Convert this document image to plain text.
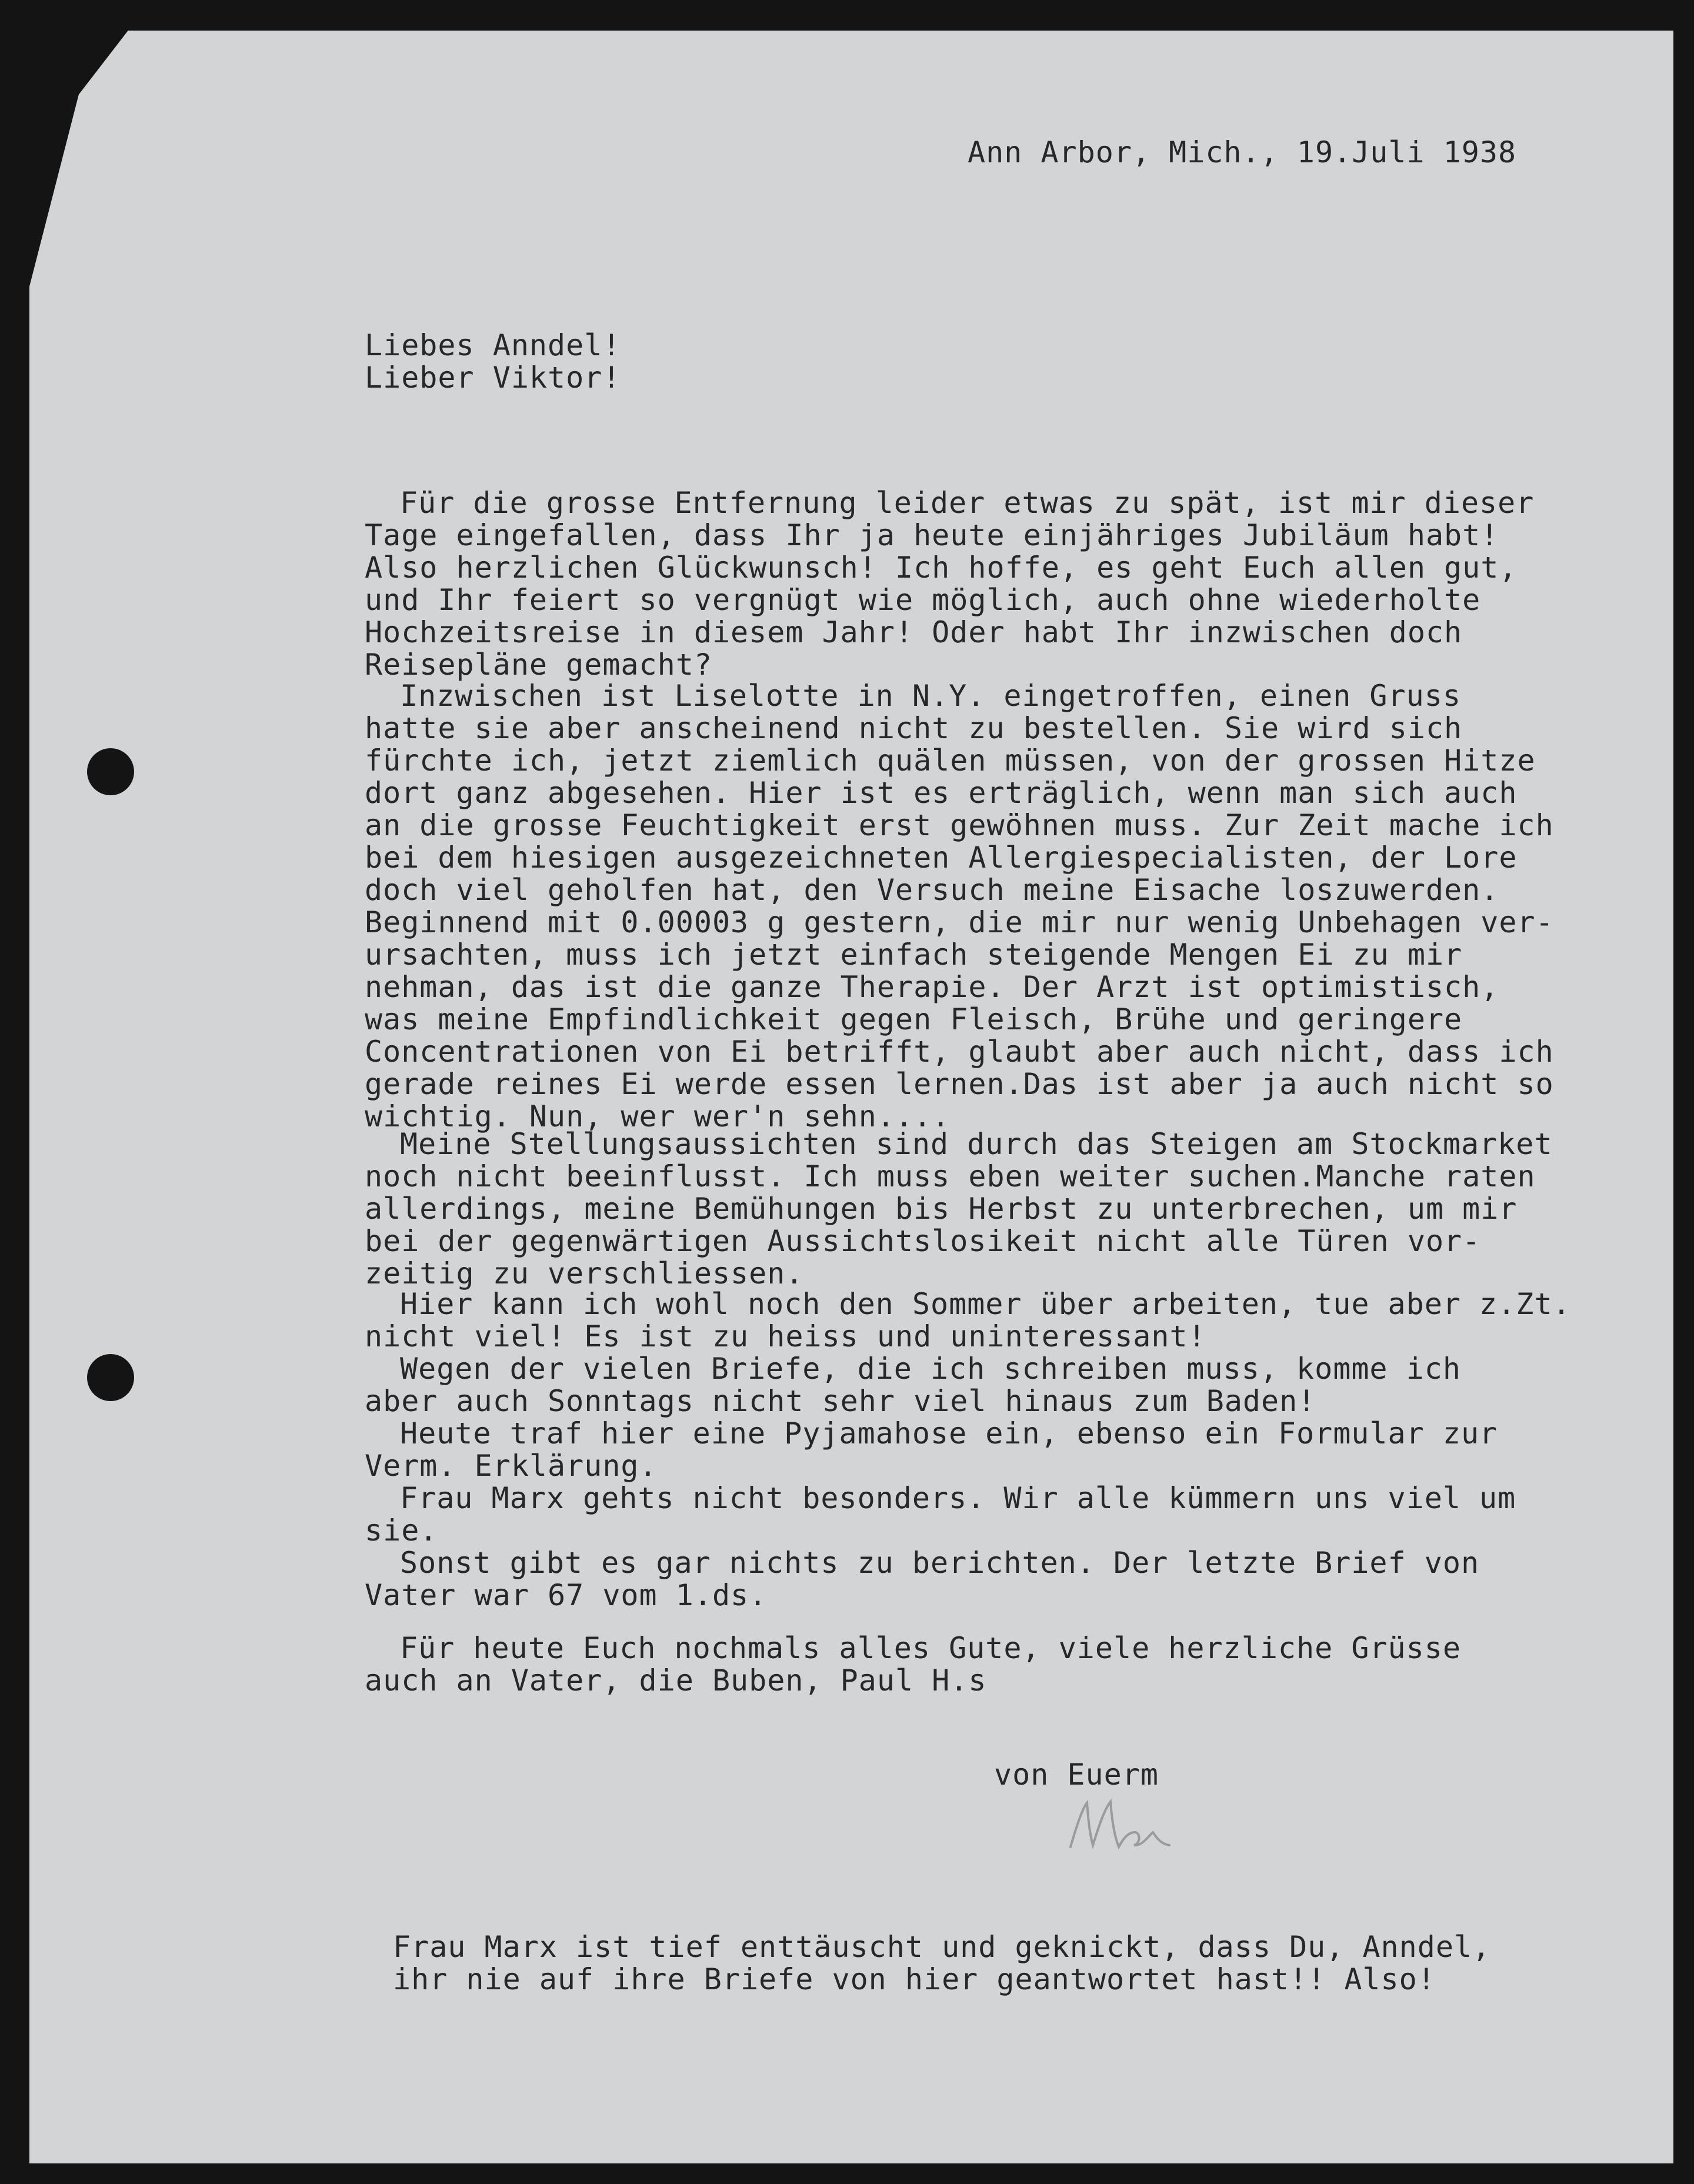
Ann Arbor, Mich., 19.Juli 1938
Liebes Anndel!
Lieber Viktor!
Für die grosse Entfernung leider etwas zu spät, ist mir dieser
Tage eingefallen, dass Ihr ja heute einjähriges Jubiläum habt!
Also herzlichen Glückwunsch! Ich hoffe, es geht Euch allen gut,
und Ihr feiert so vergnügt wie möglich, auch ohne wiederholte
Hochzeitsreise in diesem Jahr! Oder habt Ihr inzwischen doch
Reisepläne gemacht?
Inzwischen ist Liselotte in N.Y. eingetroffen, einen Gruss
hatte sie aber anscheinend nicht zu bestellen. Sie wird sich
fürchte ich, jetzt ziemlich quälen müssen, von der grossen Hitze
dort ganz abgesehen. Hier ist es erträglich, wenn man sich auch
an die grosse Feuchtigkeit erst gewöhnen muss. Zur Zeit mache ich
bei dem hiesigen ausgezeichneten Allergiespecialisten, der Lore
doch viel geholfen hat, den Versuch meine Eisache loszuwerden.
Beginnend mit 0.00003 g gestern, die mir nur wenig Unbehagen ver-
ursachten, muss ich jetzt einfach steigende Mengen Ei zu mir
nehman, das ist die ganze Therapie. Der Arzt ist optimistisch,
was meine Empfindlichkeit gegen Fleisch, Brühe und geringere
Concentrationen von Ei betrifft, glaubt aber auch nicht, dass ich
gerade reines Ei werde essen lernen.Das ist aber ja auch nicht so
wichtig. Nun, wer wer'n sehn....
Meine Stellungsaussichten sind durch das Steigen am Stockmarket
noch nicht beeinflusst. Ich muss eben weiter suchen.Manche raten
allerdings, meine Bemühungen bis Herbst zu unterbrechen, um mir
bei der gegenwärtigen Aussichtslosikeit nicht alle Türen vor-
zeitig zu verschliessen.
Hier kann ich wohl noch den Sommer über arbeiten, tue aber z.Zt.
nicht viel! Es ist zu heiss und uninteressant!
Wegen der vielen Briefe, die ich schreiben muss, komme ich
aber auch Sonntags nicht sehr viel hinaus zum Baden!
Heute traf hier eine Pyjamahose ein, ebenso ein Formular zur
Verm. Erklärung.
Frau Marx gehts nicht besonders. Wir alle kümmern uns viel um
sie.
Sonst gibt es gar nichts zu berichten. Der letzte Brief von
Vater war 67 vom 1.ds.
Für heute Euch nochmals alles Gute, viele herzliche Grüsse
auch an Vater, die Buben, Paul H.s
von Euerm
Frau Marx ist tief enttäuscht und geknickt, dass Du, Anndel,
ihr nie auf ihre Briefe von hier geantwortet hast!! Also!
